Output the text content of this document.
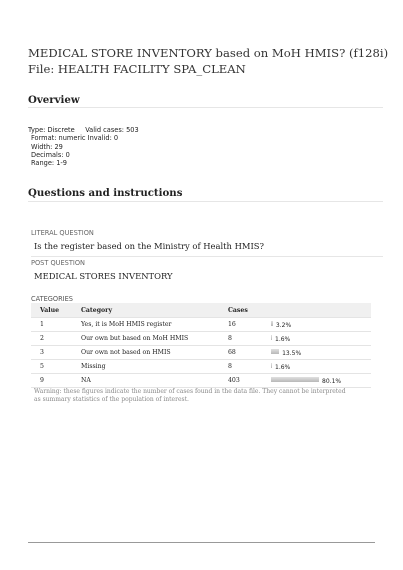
MEDICAL STORE INVENTORY based on MoH HMIS? (f128i)
File: HEALTH FACILITY SPA_CLEAN
Overview
Type: Discrete Valid cases: 503
Format: numeric Invalid: 0
Width: 29
Decimals: 0
Range: 1-9
Questions and instructions
LITERAL QUESTION
Is the register based on the Ministry of Health HMIS?
POST QUESTION
MEDICAL STORES INVENTORY
CATEGORIES
Value	Category	Cases
1	Yes, it is MoH HMIS register	16	3.2%
2	Our own but based on MoH HMIS	8	1.6%
3	Our own not based on HMIS	68	13.5%
5	Missing	8	1.6%
9	NA	403	80.1%
Warning: these figures indicate the number of cases found in the data file. They cannot be interpreted as summary statistics of the population of interest.
